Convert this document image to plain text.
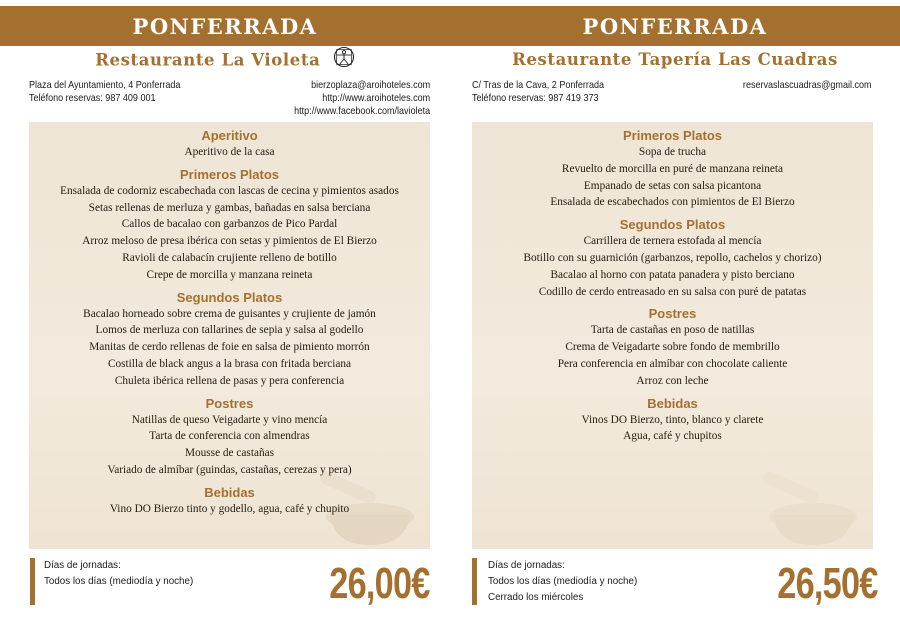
PONFERRADA
Restaurante La Violeta
Plaza del Ayuntamiento, 4 Ponferrada
Teléfono reservas: 987 409 001
bierzoplaza@aroihoteles.com
http://www.aroihoteles.com
http://www.facebook.com/lavioleta
Aperitivo
Aperitivo de la casa
Primeros Platos
Ensalada de codorniz escabechada con lascas de cecina y pimientos asados
Setas rellenas de merluza y gambas, bañadas en salsa berciana
Callos de bacalao con garbanzos de Pico Pardal
Arroz meloso de presa ibérica con setas y pimientos de El Bierzo
Ravioli de calabacín crujiente relleno de botillo
Crepe de morcilla y manzana reineta
Segundos Platos
Bacalao horneado sobre crema de guisantes y crujiente de jamón
Lomos de merluza con tallarines de sepia y salsa al godello
Manitas de cerdo rellenas de foie en salsa de pimiento morrón
Costilla de black angus a la brasa con fritada berciana
Chuleta ibérica rellena de pasas y pera conferencia
Postres
Natillas de queso Veigadarte y vino mencía
Tarta de conferencia con almendras
Mousse de castañas
Variado de almíbar (guindas, castañas, cerezas y pera)
Bebidas
Vino DO Bierzo tinto y godello, agua, café y chupito
Días de jornadas:
Todos los días (mediodía y noche)	26,00€
PONFERRADA
Restaurante Tapería Las Cuadras
C/ Tras de la Cava, 2 Ponferrada
Teléfono reservas: 987 419 373
reservaslascuadras@gmail.com
Primeros Platos
Sopa de trucha
Revuelto de morcilla en puré de manzana reineta
Empanado de setas con salsa picantona
Ensalada de escabechados con pimientos de El Bierzo
Segundos Platos
Carrillera de ternera estofada al mencía
Botillo con su guarnición (garbanzos, repollo, cachelos y chorizo)
Bacalao al horno con patata panadera y pisto berciano
Codillo de cerdo entreasado en su salsa con puré de patatas
Postres
Tarta de castañas en poso de natillas
Crema de Veigadarte sobre fondo de membrillo
Pera conferencia en almíbar con chocolate caliente
Arroz con leche
Bebidas
Vinos DO Bierzo, tinto, blanco y clarete
Agua, café y chupitos
Días de jornadas:
Todos los días (mediodía y noche)
Cerrado los miércoles	26,50€
